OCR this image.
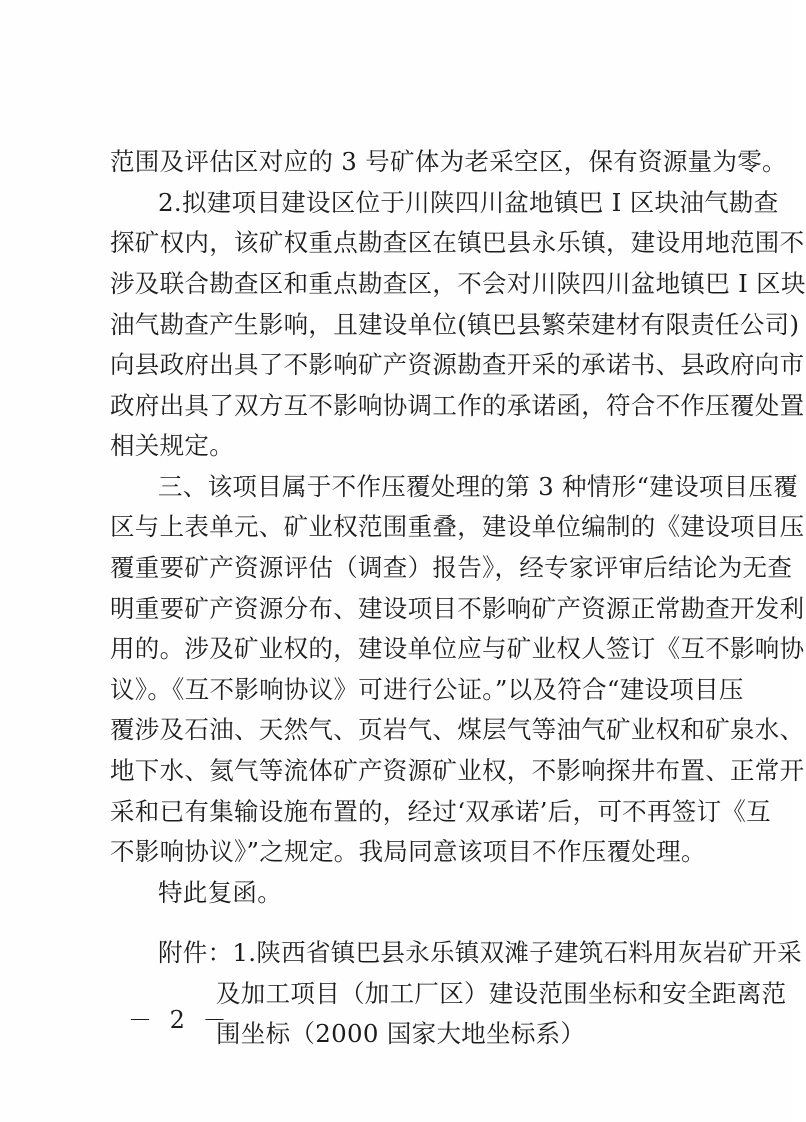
范围及评估区对应的 3 号矿体为老采空区，保有资源量为零。
2.拟建项目建设区位于川陕四川盆地镇巴 I 区块油气勘查
探矿权内，该矿权重点勘查区在镇巴县永乐镇，建设用地范围不
涉及联合勘查区和重点勘查区，不会对川陕四川盆地镇巴 I 区块
油气勘查产生影响，且建设单位(镇巴县繁荣建材有限责任公司)
向县政府出具了不影响矿产资源勘查开采的承诺书、县政府向市
政府出具了双方互不影响协调工作的承诺函，符合不作压覆处置
相关规定。
三、该项目属于不作压覆处理的第 3 种情形“建设项目压覆
区与上表单元、矿业权范围重叠，建设单位编制的《建设项目压
覆重要矿产资源评估（调查）报告》，经专家评审后结论为无查
明重要矿产资源分布、建设项目不影响矿产资源正常勘查开发利
用的。涉及矿业权的，建设单位应与矿业权人签订《互不影响协
议》。《互不影响协议》可进行公证。”以及符合“建设项目压
覆涉及石油、天然气、页岩气、煤层气等油气矿业权和矿泉水、
地下水、氦气等流体矿产资源矿业权，不影响探井布置、正常开
采和已有集输设施布置的，经过‘双承诺’后，可不再签订《互
不影响协议》”之规定。我局同意该项目不作压覆处理。
特此复函。
附件：1.陕西省镇巴县永乐镇双滩子建筑石料用灰岩矿开采
及加工项目（加工厂区）建设范围坐标和安全距离范
围坐标（2000 国家大地坐标系）
－ 2 －
